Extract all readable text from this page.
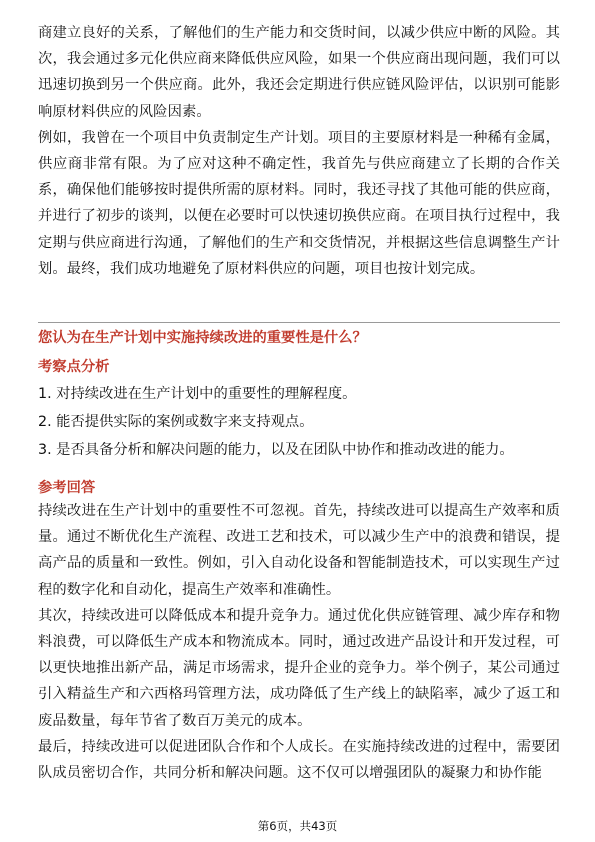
商建立良好的关系，了解他们的生产能力和交货时间，以减少供应中断的风险。其次，我会通过多元化供应商来降低供应风险，如果一个供应商出现问题，我们可以迅速切换到另一个供应商。此外，我还会定期进行供应链风险评估，以识别可能影响原材料供应的风险因素。

例如，我曾在一个项目中负责制定生产计划。项目的主要原材料是一种稀有金属，供应商非常有限。为了应对这种不确定性，我首先与供应商建立了长期的合作关系，确保他们能够按时提供所需的原材料。同时，我还寻找了其他可能的供应商，并进行了初步的谈判，以便在必要时可以快速切换供应商。在项目执行过程中，我定期与供应商进行沟通，了解他们的生产和交货情况，并根据这些信息调整生产计划。最终，我们成功地避免了原材料供应的问题，项目也按计划完成。

您认为在生产计划中实施持续改进的重要性是什么？

考察点分析

1. 对持续改进在生产计划中的重要性的理解程度。
2. 能否提供实际的案例或数字来支持观点。
3. 是否具备分析和解决问题的能力，以及在团队中协作和推动改进的能力。

参考回答

持续改进在生产计划中的重要性不可忽视。首先，持续改进可以提高生产效率和质量。通过不断优化生产流程、改进工艺和技术，可以减少生产中的浪费和错误，提高产品的质量和一致性。例如，引入自动化设备和智能制造技术，可以实现生产过程的数字化和自动化，提高生产效率和准确性。

其次，持续改进可以降低成本和提升竞争力。通过优化供应链管理、减少库存和物料浪费，可以降低生产成本和物流成本。同时，通过改进产品设计和开发过程，可以更快地推出新产品，满足市场需求，提升企业的竞争力。举个例子，某公司通过引入精益生产和六西格玛管理方法，成功降低了生产线上的缺陷率，减少了返工和废品数量，每年节省了数百万美元的成本。

最后，持续改进可以促进团队合作和个人成长。在实施持续改进的过程中，需要团队成员密切合作，共同分析和解决问题。这不仅可以增强团队的凝聚力和协作能

第6页，共43页
